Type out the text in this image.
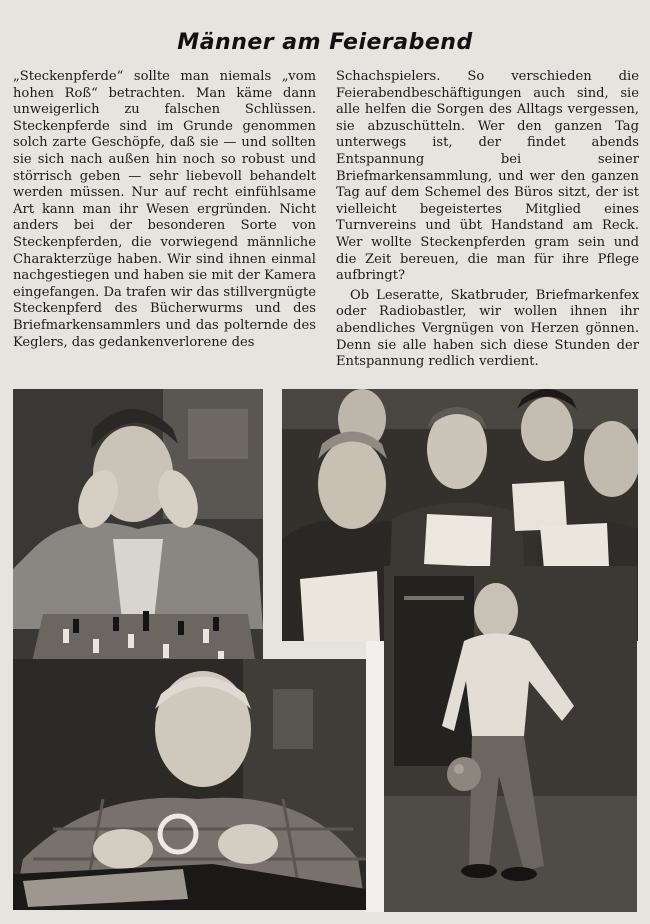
Männer am Feierabend

„Steckenpferde“ sollte man niemals „vom hohen Roß“ betrachten. Man käme dann unweigerlich zu falschen Schlüssen. Steckenpferde sind im Grunde genommen solch zarte Geschöpfe, daß sie — und sollten sie sich nach außen hin noch so robust und störrisch geben — sehr liebevoll behandelt werden müssen. Nur auf recht einfühlsame Art kann man ihr Wesen ergründen. Nicht anders bei der besonderen Sorte von Steckenpferden, die vorwiegend männliche Charakterzüge haben. Wir sind ihnen einmal nachgestiegen und haben sie mit der Kamera eingefangen. Da trafen wir das stillvergnügte Steckenpferd des Bücherwurms und des Briefmarkensammlers und das polternde des Keglers, das gedankenverlorene des

Schachspielers. So verschieden die Feierabendbeschäftigungen auch sind, sie alle helfen die Sorgen des Alltags vergessen, sie abzuschütteln. Wer den ganzen Tag unterwegs ist, der findet abends Entspannung bei seiner Briefmarkensammlung, und wer den ganzen Tag auf dem Schemel des Büros sitzt, der ist vielleicht begeistertes Mitglied eines Turnvereins und übt Handstand am Reck. Wer wollte Steckenpferden gram sein und die Zeit bereuen, die man für ihre Pflege aufbringt?

Ob Leseratte, Skatbruder, Briefmarkenfex oder Radiobastler, wir wollen ihnen ihr abendliches Vergnügen von Herzen gönnen. Denn sie alle haben sich diese Stunden der Entspannung redlich verdient.
